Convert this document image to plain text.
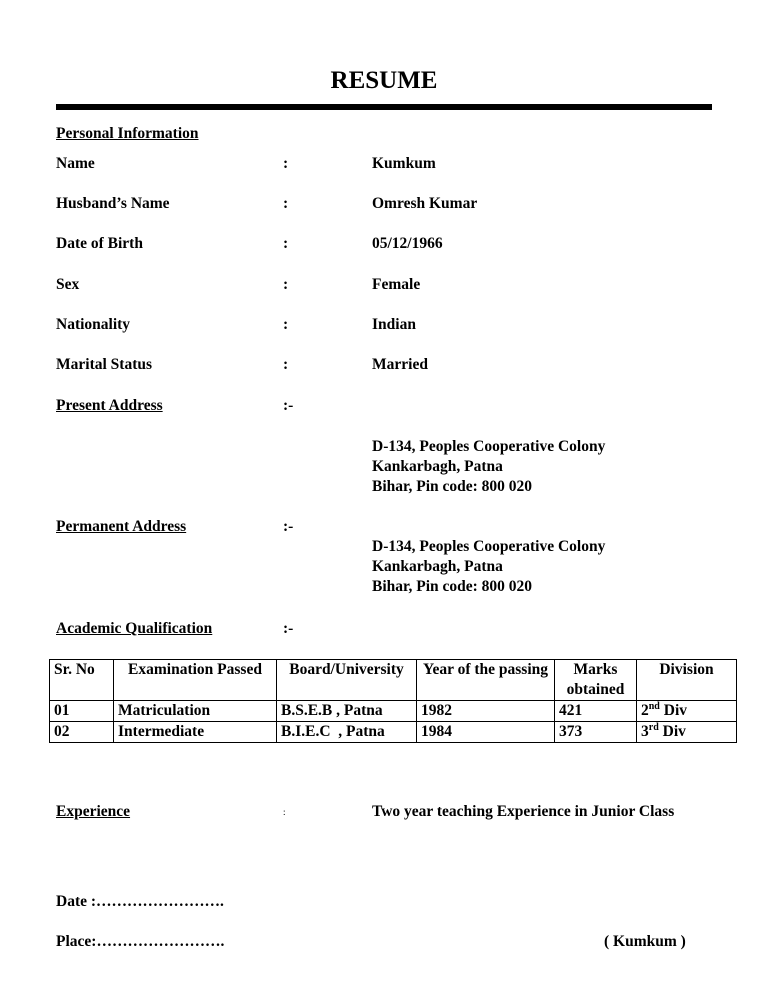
RESUME
Personal Information
Name	:	Kumkum
Husband’s Name	:	Omresh Kumar
Date of Birth	:	05/12/1966
Sex	:	Female
Nationality	:	Indian
Marital Status	:	Married
Present Address	:-
D-134, Peoples Cooperative Colony
Kankarbagh, Patna
Bihar, Pin code: 800 020
Permanent Address	:-
D-134, Peoples Cooperative Colony
Kankarbagh, Patna
Bihar, Pin code: 800 020
Academic Qualification	:-
Sr. No	Examination Passed	Board/University	Year of the passing	Marks obtained	Division
01	Matriculation	B.S.E.B , Patna	1982	421	2nd Div
02	Intermediate	B.I.E.C  , Patna	1984	373	3rd Div
Experience	:	Two year teaching Experience in Junior Class
Date :…………………….
Place:…………………….	( Kumkum )
